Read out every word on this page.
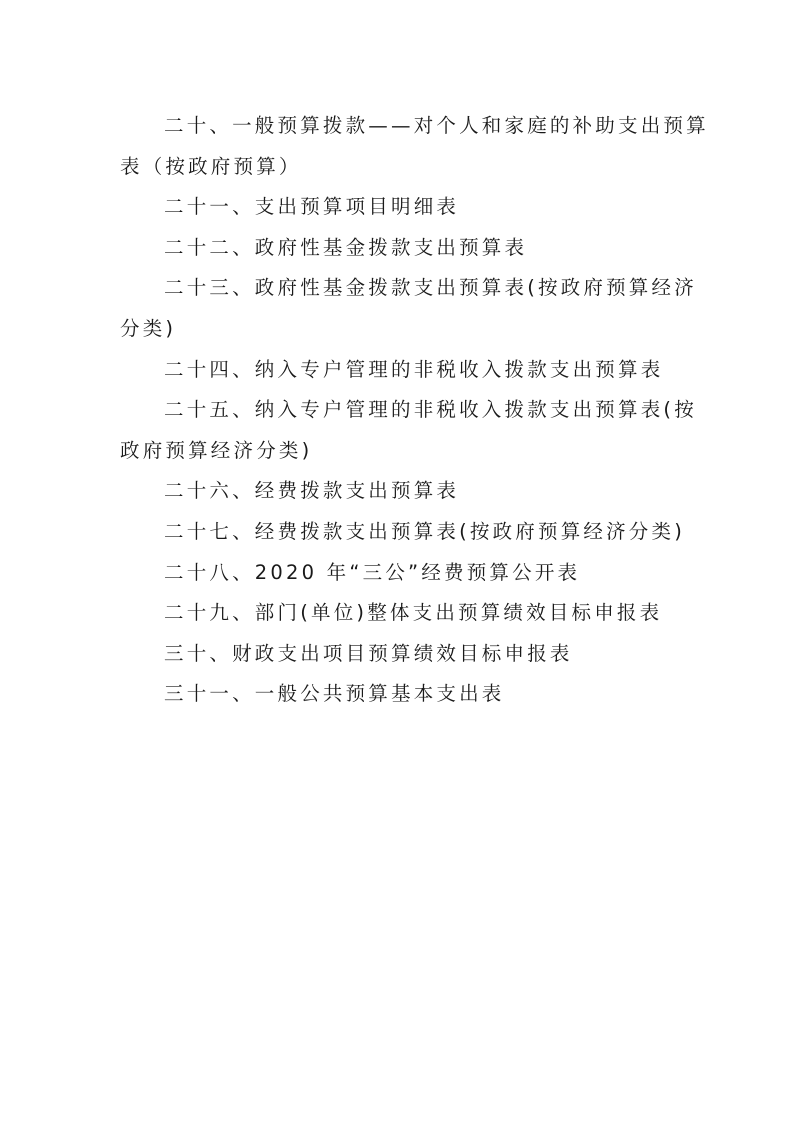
二十、一般预算拨款——对个人和家庭的补助支出预算
表（按政府预算）

二十一、支出预算项目明细表

二十二、政府性基金拨款支出预算表

二十三、政府性基金拨款支出预算表(按政府预算经济
分类)

二十四、纳入专户管理的非税收入拨款支出预算表

二十五、纳入专户管理的非税收入拨款支出预算表(按
政府预算经济分类)

二十六、经费拨款支出预算表

二十七、经费拨款支出预算表(按政府预算经济分类)

二十八、2020 年“三公”经费预算公开表

二十九、部门(单位)整体支出预算绩效目标申报表

三十、财政支出项目预算绩效目标申报表

三十一、一般公共预算基本支出表
